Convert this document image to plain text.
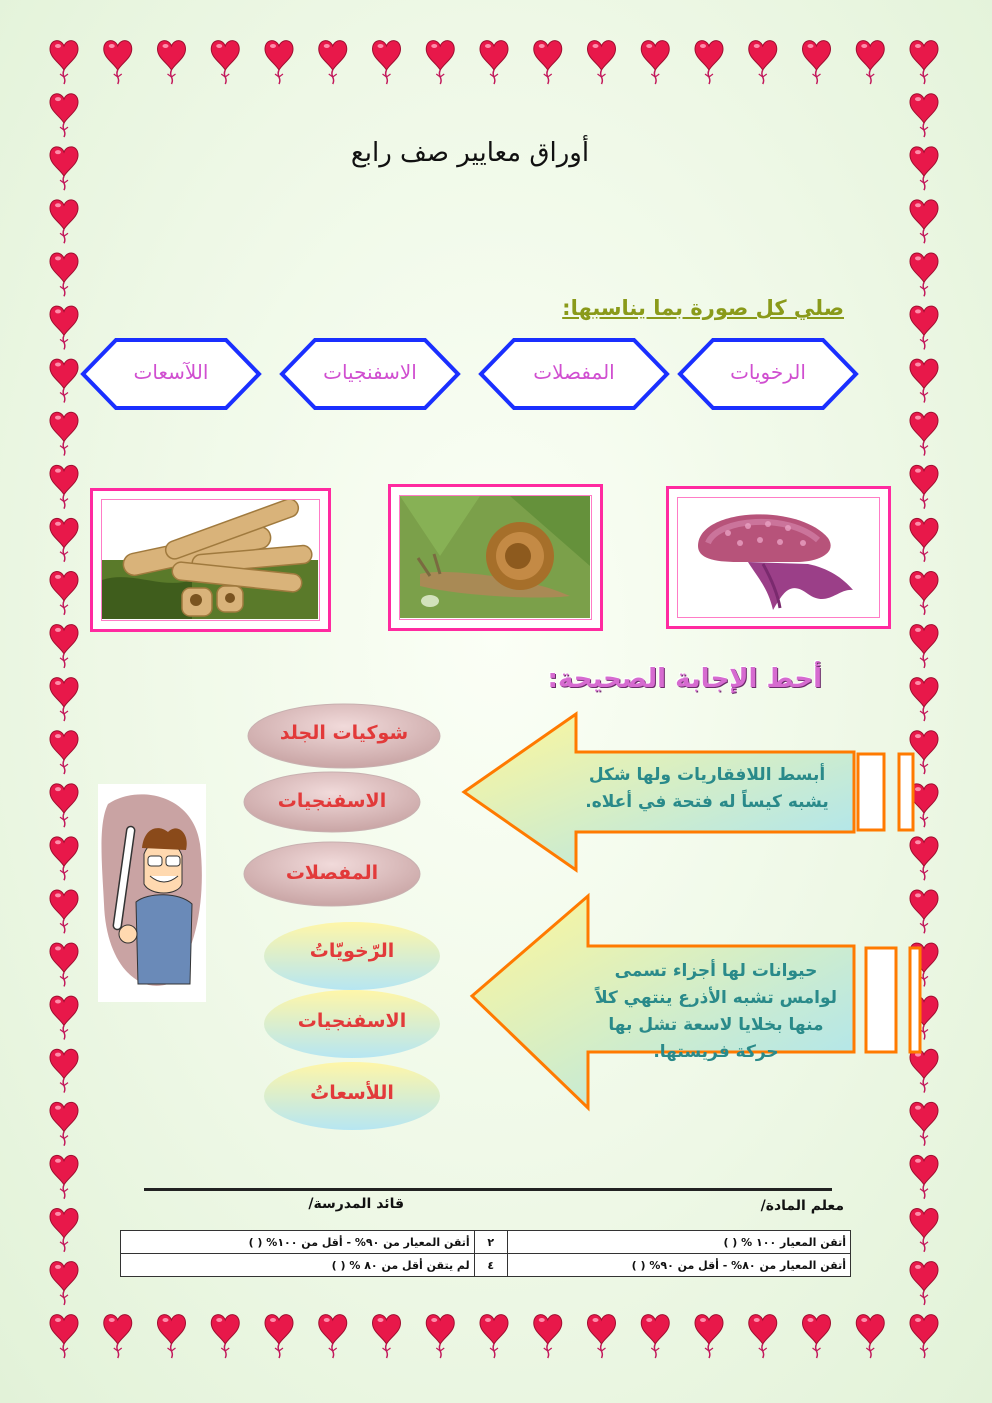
أوراق معايير صف رابع
صلي كل صورة بما يناسبها:
الرخويات
المفصلات
الاسفنجيات
اللآسعات
أحط الإجابة الصحيحة:
شوكيات الجلد
الاسفنجيات
المفصلات
الرّخويّاتُ
الاسفنجيات
اللأسعاتُ
أبسط اللافقاريات ولها شكل يشبه كيساً له فتحة في أعلاه.
حيوانات لها أجزاء تسمى لوامس تشبه الأذرع ينتهي كلاً منها بخلايا لاسعة تشل بها حركة فريستها.
معلم المادة/
قائد المدرسة/
أتقن المعيار ١٠٠ % ( )	٢	أتقن المعيار من ٩٠% - أقل من ١٠٠% ( )
أتقن المعيار من ٨٠% - أقل من ٩٠% ( )	٤	لم يتقن أقل من ٨٠ % ( )
